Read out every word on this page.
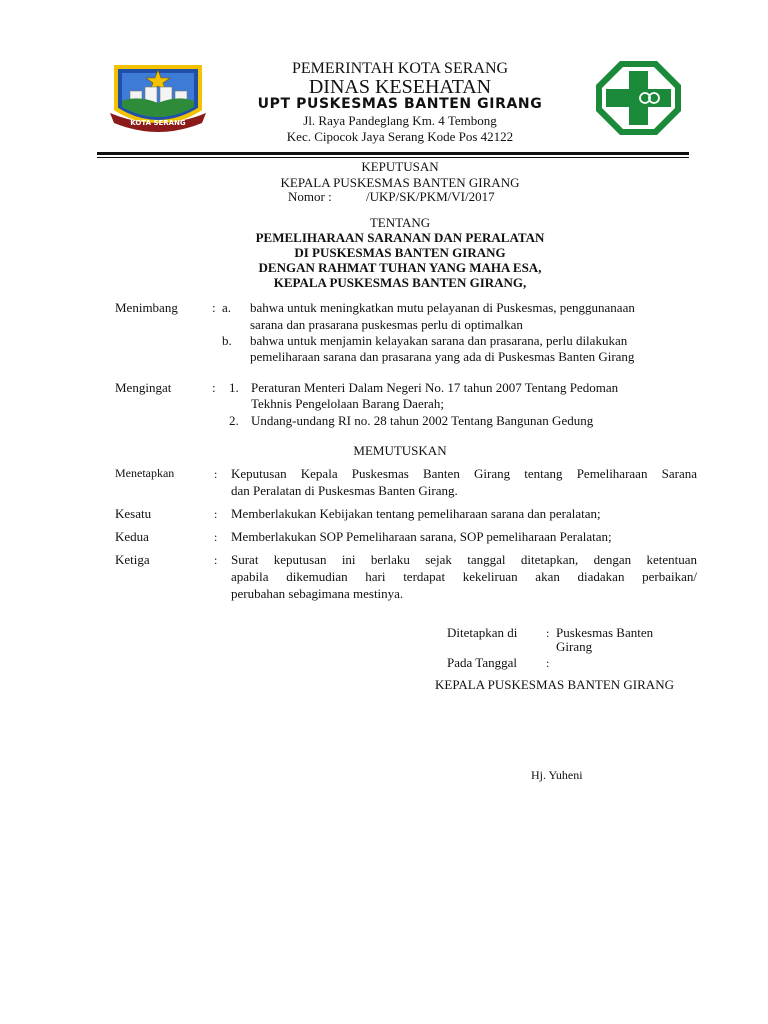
KOTA SERANG
PEMERINTAH KOTA SERANG
DINAS KESEHATAN
UPT PUSKESMAS BANTEN GIRANG
Jl. Raya Pandeglang Km. 4 Tembong
Kec. Cipocok Jaya Serang Kode Pos 42122
KEPUTUSAN
KEPALA PUSKESMAS BANTEN GIRANG
Nomor :	/UKP/SK/PKM/VI/2017
TENTANG
PEMELIHARAAN SARANAN DAN PERALATAN
DI PUSKESMAS BANTEN GIRANG
DENGAN RAHMAT TUHAN YANG MAHA ESA,
KEPALA PUSKESMAS BANTEN GIRANG,
Menimbang	: a. bahwa untuk meningkatkan mutu pelayanan di Puskesmas, penggunanaan
sarana dan prasarana puskesmas perlu di optimalkan
b. bahwa untuk menjamin kelayakan sarana dan prasarana, perlu dilakukan
pemeliharaan sarana dan prasarana yang ada di Puskesmas Banten Girang
Mengingat	: 1. Peraturan Menteri Dalam Negeri No. 17 tahun 2007 Tentang Pedoman
Tekhnis Pengelolaan Barang Daerah;
2. Undang-undang RI no. 28 tahun 2002 Tentang Bangunan Gedung
MEMUTUSKAN
Menetapkan	: Keputusan Kepala Puskesmas Banten Girang tentang Pemeliharaan Sarana
dan Peralatan di Puskesmas Banten Girang.
Kesatu	: Memberlakukan Kebijakan tentang pemeliharaan sarana dan peralatan;
Kedua	: Memberlakukan SOP Pemeliharaan sarana, SOP pemeliharaan Peralatan;
Ketiga	: Surat keputusan ini berlaku sejak tanggal ditetapkan, dengan ketentuan
apabila dikemudian hari terdapat kekeliruan akan diadakan perbaikan/
perubahan sebagimana mestinya.
Ditetapkan di : Puskesmas Banten
Girang
Pada Tanggal :
KEPALA PUSKESMAS BANTEN GIRANG
Hj. Yuheni
